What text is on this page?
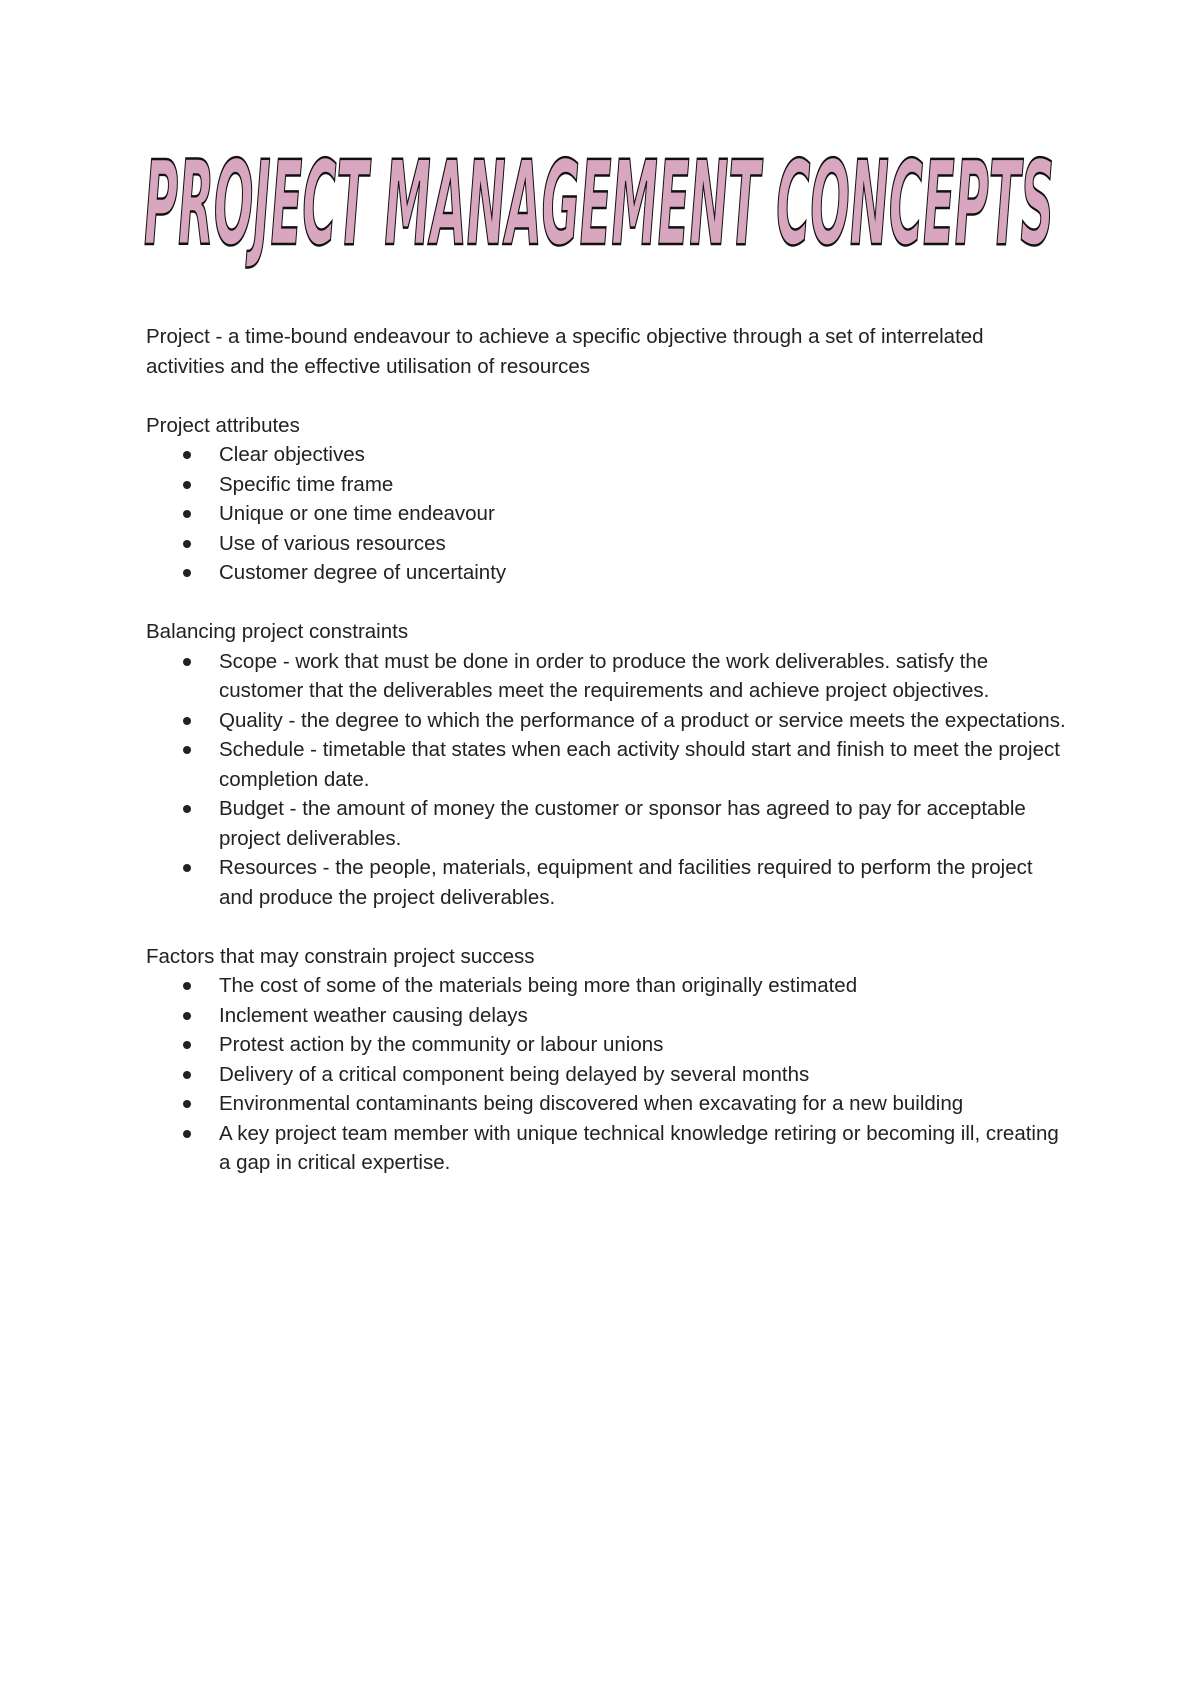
PROJECT MANAGEMENT CONCEPTS

Project - a time-bound endeavour to achieve a specific objective through a set of interrelated activities and the effective utilisation of resources

Project attributes

Clear objectives
Specific time frame
Unique or one time endeavour
Use of various resources
Customer degree of uncertainty

Balancing project constraints

Scope - work that must be done in order to produce the work deliverables. satisfy the customer that the deliverables meet the requirements and achieve project objectives.
Quality - the degree to which the performance of a product or service meets the expectations.
Schedule - timetable that states when each activity should start and finish to meet the project completion date.
Budget - the amount of money the customer or sponsor has agreed to pay for acceptable project deliverables.
Resources - the people, materials, equipment and facilities required to perform the project and produce the project deliverables.

Factors that may constrain project success

The cost of some of the materials being more than originally estimated
Inclement weather causing delays
Protest action by the community or labour unions
Delivery of a critical component being delayed by several months
Environmental contaminants being discovered when excavating for a new building
A key project team member with unique technical knowledge retiring or becoming ill, creating a gap in critical expertise.
